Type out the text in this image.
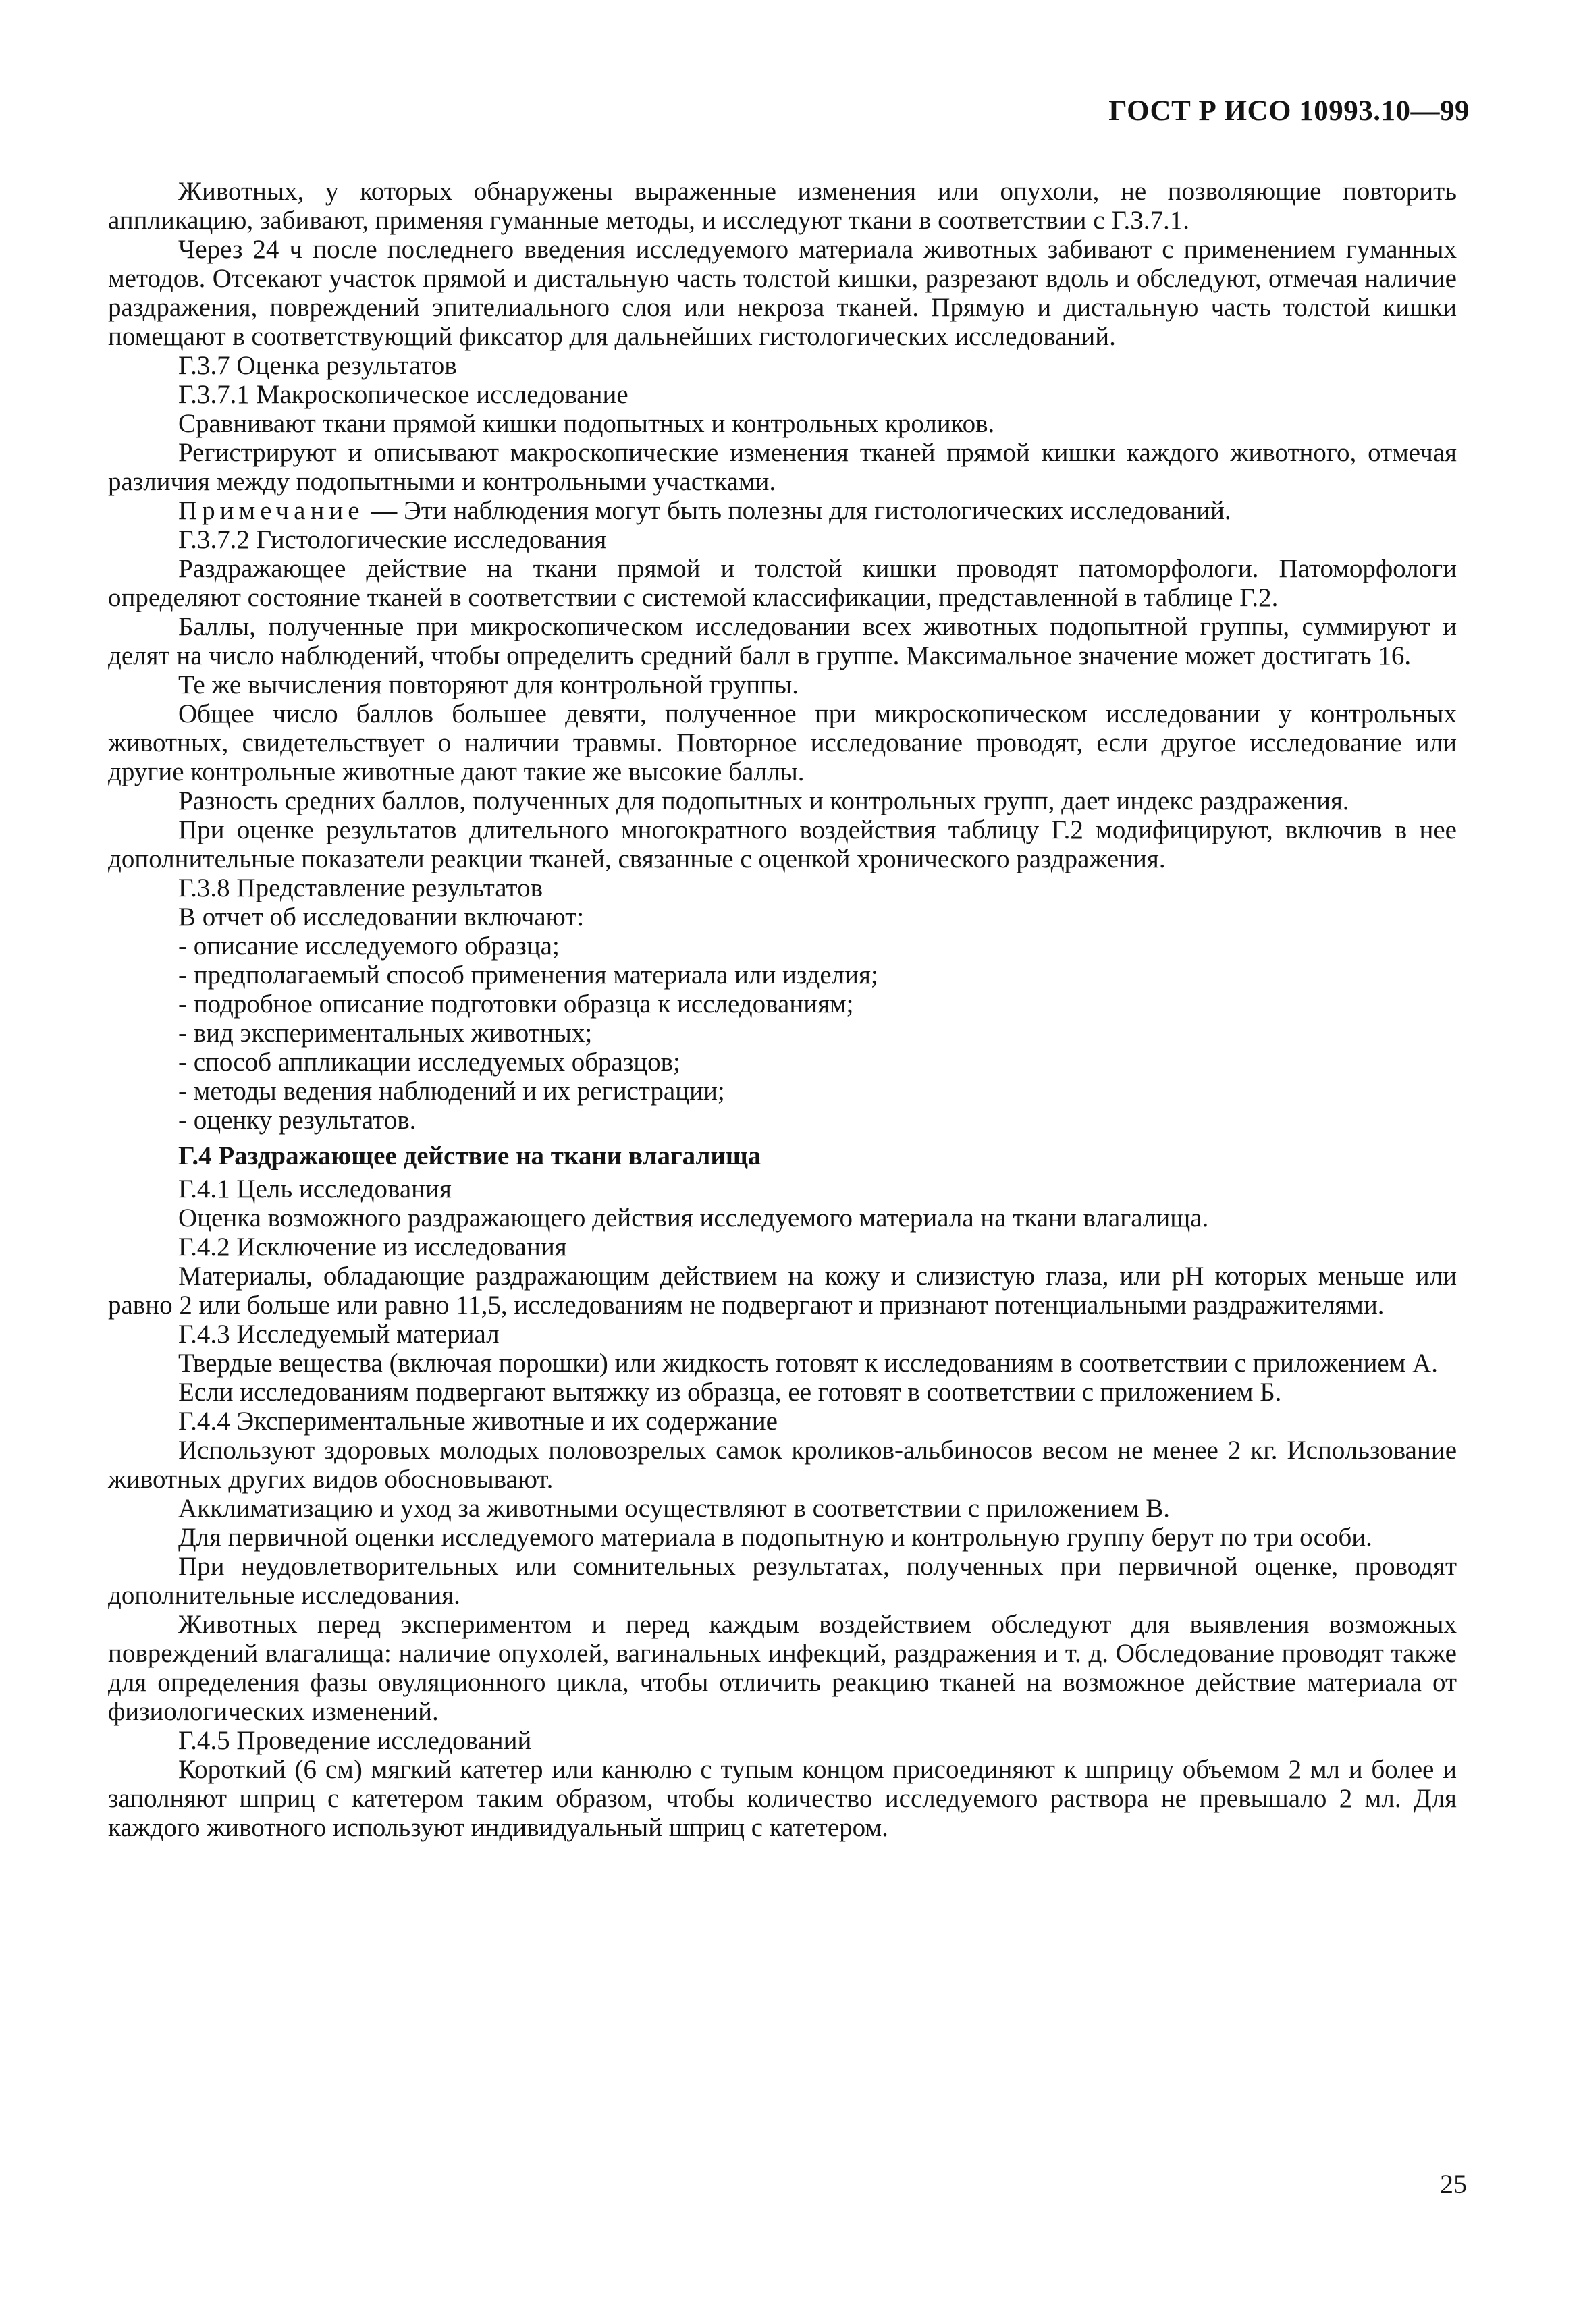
ГОСТ Р ИСО 10993.10—99

Животных, у которых обнаружены выраженные изменения или опухоли, не позволяющие повторить аппликацию, забивают, применяя гуманные методы, и исследуют ткани в соответствии с Г.3.7.1.

Через 24 ч после последнего введения исследуемого материала животных забивают с применением гуманных методов. Отсекают участок прямой и дистальную часть толстой кишки, разрезают вдоль и обследуют, отмечая наличие раздражения, повреждений эпителиального слоя или некроза тканей. Прямую и дистальную часть толстой кишки помещают в соответствующий фиксатор для дальнейших гистологических исследований.

Г.3.7 Оценка результатов

Г.3.7.1 Макроскопическое исследование

Сравнивают ткани прямой кишки подопытных и контрольных кроликов.

Регистрируют и описывают макроскопические изменения тканей прямой кишки каждого животного, отмечая различия между подопытными и контрольными участками.

Примечание — Эти наблюдения могут быть полезны для гистологических исследований.

Г.3.7.2 Гистологические исследования

Раздражающее действие на ткани прямой и толстой кишки проводят патоморфологи. Патоморфологи определяют состояние тканей в соответствии с системой классификации, представленной в таблице Г.2.

Баллы, полученные при микроскопическом исследовании всех животных подопытной группы, суммируют и делят на число наблюдений, чтобы определить средний балл в группе. Максимальное значение может достигать 16.

Те же вычисления повторяют для контрольной группы.

Общее число баллов большее девяти, полученное при микроскопическом исследовании у контрольных животных, свидетельствует о наличии травмы. Повторное исследование проводят, если другое исследование или другие контрольные животные дают такие же высокие баллы.

Разность средних баллов, полученных для подопытных и контрольных групп, дает индекс раздражения.

При оценке результатов длительного многократного воздействия таблицу Г.2 модифицируют, включив в нее дополнительные показатели реакции тканей, связанные с оценкой хронического раздражения.

Г.3.8 Представление результатов

В отчет об исследовании включают:

- описание исследуемого образца;
- предполагаемый способ применения материала или изделия;
- подробное описание подготовки образца к исследованиям;
- вид экспериментальных животных;
- способ аппликации исследуемых образцов;
- методы ведения наблюдений и их регистрации;
- оценку результатов.

Г.4 Раздражающее действие на ткани влагалища

Г.4.1 Цель исследования

Оценка возможного раздражающего действия исследуемого материала на ткани влагалища.

Г.4.2 Исключение из исследования

Материалы, обладающие раздражающим действием на кожу и слизистую глаза, или pH которых меньше или равно 2 или больше или равно 11,5, исследованиям не подвергают и признают потенциальными раздражителями.

Г.4.3 Исследуемый материал

Твердые вещества (включая порошки) или жидкость готовят к исследованиям в соответствии с приложением А.

Если исследованиям подвергают вытяжку из образца, ее готовят в соответствии с приложением Б.

Г.4.4 Экспериментальные животные и их содержание

Используют здоровых молодых половозрелых самок кроликов-альбиносов весом не менее 2 кг. Использование животных других видов обосновывают.

Акклиматизацию и уход за животными осуществляют в соответствии с приложением В.

Для первичной оценки исследуемого материала в подопытную и контрольную группу берут по три особи.

При неудовлетворительных или сомнительных результатах, полученных при первичной оценке, проводят дополнительные исследования.

Животных перед экспериментом и перед каждым воздействием обследуют для выявления возможных повреждений влагалища: наличие опухолей, вагинальных инфекций, раздражения и т. д. Обследование проводят также для определения фазы овуляционного цикла, чтобы отличить реакцию тканей на возможное действие материала от физиологических изменений.

Г.4.5 Проведение исследований

Короткий (6 см) мягкий катетер или канюлю с тупым концом присоединяют к шприцу объемом 2 мл и более и заполняют шприц с катетером таким образом, чтобы количество исследуемого раствора не превышало 2 мл. Для каждого животного используют индивидуальный шприц с катетером.

25
